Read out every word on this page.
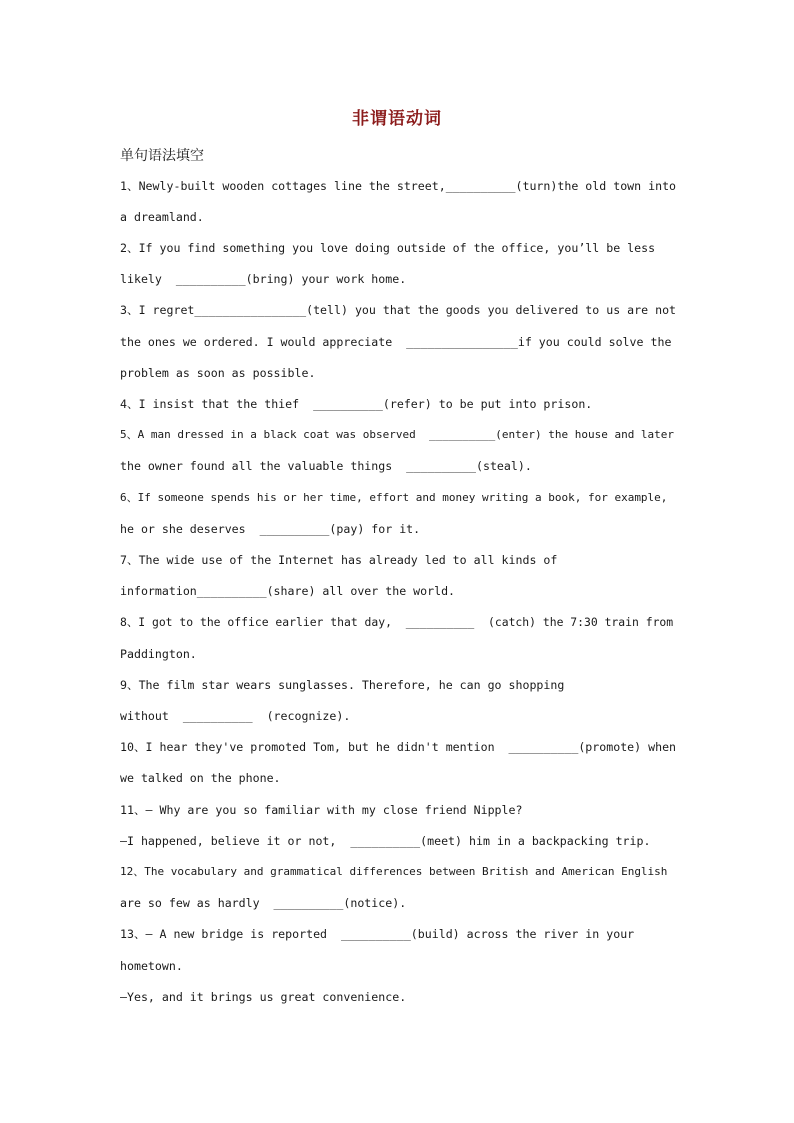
非谓语动词
单句语法填空
1、Newly-built wooden cottages line the street,__________(turn)the old town into
a dreamland.
2、If you find something you love doing outside of the office, you’ll be less
likely  __________(bring) your work home.
3、I regret________________(tell) you that the goods you delivered to us are not
the ones we ordered. I would appreciate  ________________if you could solve the
problem as soon as possible.
4、I insist that the thief  __________(refer) to be put into prison.
5、A man dressed in a black coat was observed  __________(enter) the house and later
the owner found all the valuable things  __________(steal).
6、If someone spends his or her time, effort and money writing a book, for example,
he or she deserves  __________(pay) for it.
7、The wide use of the Internet has already led to all kinds of
information__________(share) all over the world.
8、I got to the office earlier that day,  __________  (catch) the 7:30 train from
Paddington.
9、The film star wears sunglasses. Therefore, he can go shopping
without  __________  (recognize).
10、I hear they've promoted Tom, but he didn't mention  __________(promote) when
we talked on the phone.
11、— Why are you so familiar with my close friend Nipple?
—I happened, believe it or not,  __________(meet) him in a backpacking trip.
12、The vocabulary and grammatical differences between British and American English
are so few as hardly  __________(notice).
13、— A new bridge is reported  __________(build) across the river in your
hometown.
—Yes, and it brings us great convenience.
